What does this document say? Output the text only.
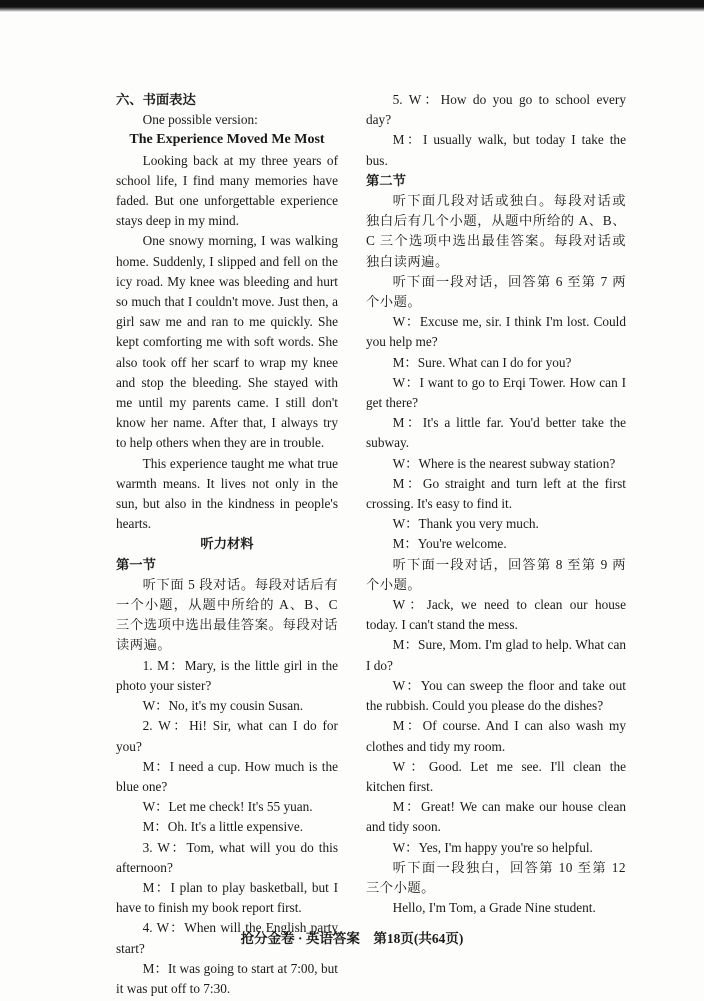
六、书面表达

One possible version:

The Experience Moved Me Most

Looking back at my three years of school life, I find many memories have faded. But one unforgettable experience stays deep in my mind.

One snowy morning, I was walking home. Suddenly, I slipped and fell on the icy road. My knee was bleeding and hurt so much that I couldn't move. Just then, a girl saw me and ran to me quickly. She kept comforting me with soft words. She also took off her scarf to wrap my knee and stop the bleeding. She stayed with me until my parents came. I still don't know her name. After that, I always try to help others when they are in trouble.

This experience taught me what true warmth means. It lives not only in the sun, but also in the kindness in people's hearts.

听力材料

第一节

听下面 5 段对话。每段对话后有一个小题，从题中所给的 A、B、C 三个选项中选出最佳答案。每段对话读两遍。

1. M：Mary, is the little girl in the photo your sister?

W：No, it's my cousin Susan.

2. W：Hi! Sir, what can I do for you?

M：I need a cup. How much is the blue one?

W：Let me check! It's 55 yuan.

M：Oh. It's a little expensive.

3. W：Tom, what will you do this afternoon?

M：I plan to play basketball, but I have to finish my book report first.

4. W：When will the English party start?

M：It was going to start at 7:00, but it was put off to 7:30.

5. W：How do you go to school every day?

M：I usually walk, but today I take the bus.

第二节

听下面几段对话或独白。每段对话或独白后有几个小题，从题中所给的 A、B、C 三个选项中选出最佳答案。每段对话或独白读两遍。

听下面一段对话，回答第 6 至第 7 两个小题。

W：Excuse me, sir. I think I'm lost. Could you help me?

M：Sure. What can I do for you?

W：I want to go to Erqi Tower. How can I get there?

M：It's a little far. You'd better take the subway.

W：Where is the nearest subway station?

M：Go straight and turn left at the first crossing. It's easy to find it.

W：Thank you very much.

M：You're welcome.

听下面一段对话，回答第 8 至第 9 两个小题。

W：Jack, we need to clean our house today. I can't stand the mess.

M：Sure, Mom. I'm glad to help. What can I do?

W：You can sweep the floor and take out the rubbish. Could you please do the dishes?

M：Of course. And I can also wash my clothes and tidy my room.

W：Good. Let me see. I'll clean the kitchen first.

M：Great! We can make our house clean and tidy soon.

W：Yes, I'm happy you're so helpful.

听下面一段独白，回答第 10 至第 12 三个小题。

Hello, I'm Tom, a Grade Nine student.

抢分金卷 · 英语答案　第18页(共64页)
